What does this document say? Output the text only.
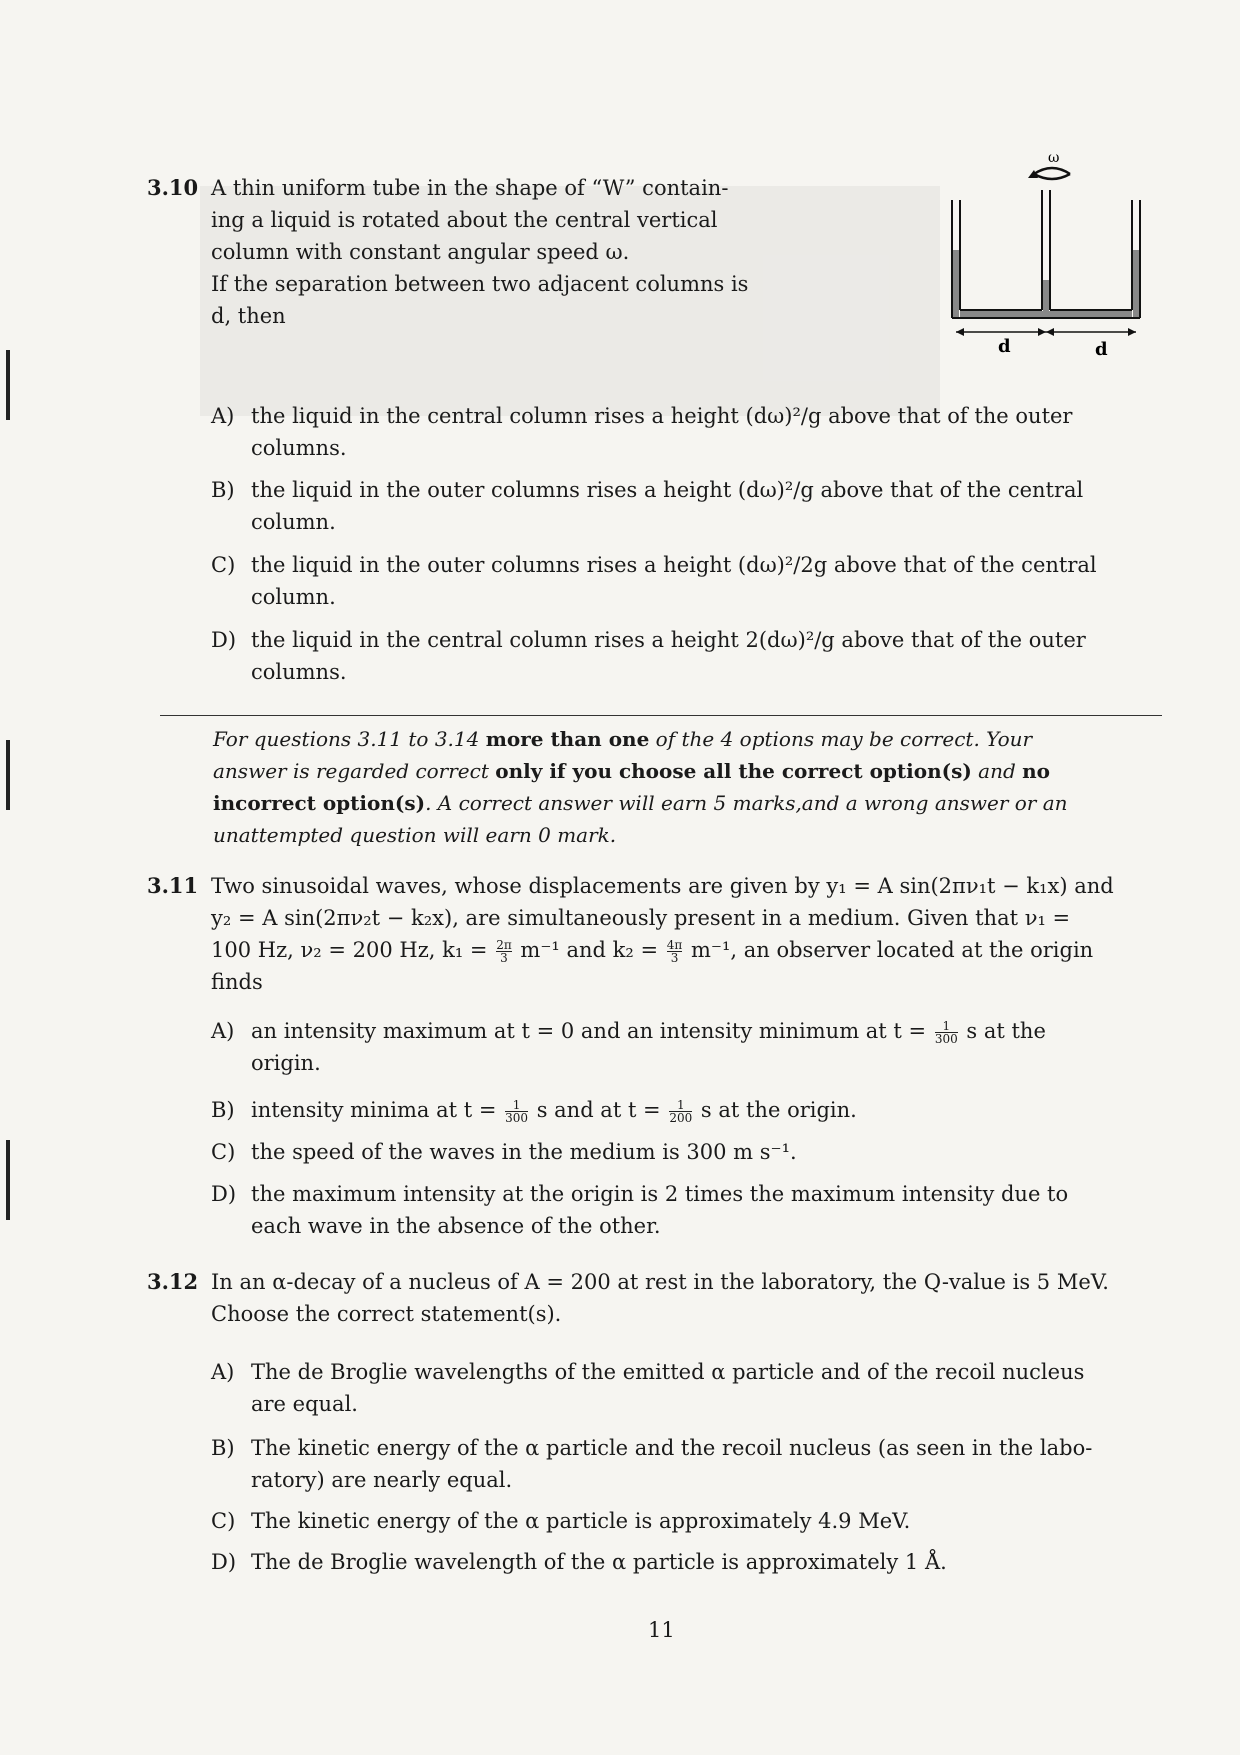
3.10 A thin uniform tube in the shape of “W” contain-
ing a liquid is rotated about the central vertical
column with constant angular speed ω.
If the separation between two adjacent columns is
d, then
ω
d	d
A) the liquid in the central column rises a height (dω)²/g above that of the outer
columns.
B) the liquid in the outer columns rises a height (dω)²/g above that of the central
column.
C) the liquid in the outer columns rises a height (dω)²/2g above that of the central
column.
D) the liquid in the central column rises a height 2(dω)²/g above that of the outer
columns.
For questions 3.11 to 3.14 more than one of the 4 options may be correct. Your
answer is regarded correct only if you choose all the correct option(s) and no
incorrect option(s). A correct answer will earn 5 marks,and a wrong answer or an
unattempted question will earn 0 mark.
3.11 Two sinusoidal waves, whose displacements are given by y₁ = A sin(2πν₁t − k₁x) and
y₂ = A sin(2πν₂t − k₂x), are simultaneously present in a medium. Given that ν₁ =
100 Hz, ν₂ = 200 Hz, $k_1 = \frac{2\pi}{3} m^{-1}$ and $k_2 = \frac{4\pi}{3} m^{-1}$, an observer located at the origin
finds
A) an intensity maximum at t = 0 and an intensity minimum at $t = \frac{1}{300}$ s at the
origin.
B) intensity minima at $t = \frac{1}{300}$ s and at $t = \frac{1}{200}$ s at the origin.
C) the speed of the waves in the medium is 300 m s⁻¹.
D) the maximum intensity at the origin is 2 times the maximum intensity due to
each wave in the absence of the other.
3.12 In an α-decay of a nucleus of A = 200 at rest in the laboratory, the Q-value is 5 MeV.
Choose the correct statement(s).
A) The de Broglie wavelengths of the emitted α particle and of the recoil nucleus
are equal.
B) The kinetic energy of the α particle and the recoil nucleus (as seen in the labo-
ratory) are nearly equal.
C) The kinetic energy of the α particle is approximately 4.9 MeV.
D) The de Broglie wavelength of the α particle is approximately 1 Å.
11
